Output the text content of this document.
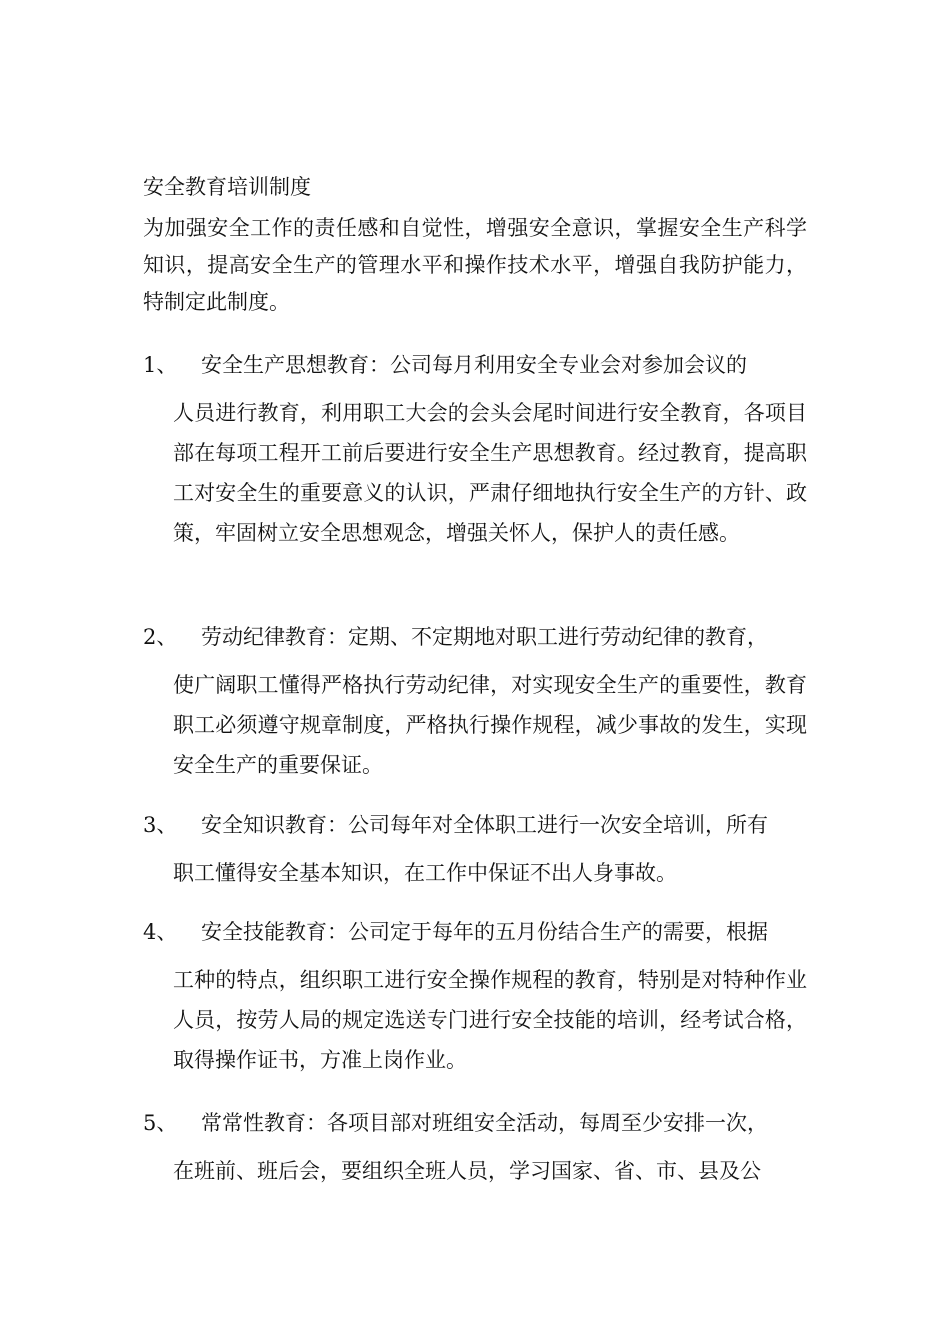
安全教育培训制度

为加强安全工作的责任感和自觉性，增强安全意识，掌握安全生产科学知识，提高安全生产的管理水平和操作技术水平，增强自我防护能力，特制定此制度。

1、	安全生产思想教育：公司每月利用安全专业会对参加会议的
人员进行教育，利用职工大会的会头会尾时间进行安全教育，各项目部在每项工程开工前后要进行安全生产思想教育。经过教育，提高职工对安全生的重要意义的认识，严肃仔细地执行安全生产的方针、政策，牢固树立安全思想观念，增强关怀人，保护人的责任感。

2、	劳动纪律教育：定期、不定期地对职工进行劳动纪律的教育，
使广阔职工懂得严格执行劳动纪律，对实现安全生产的重要性，教育职工必须遵守规章制度，严格执行操作规程，减少事故的发生，实现安全生产的重要保证。

3、	安全知识教育：公司每年对全体职工进行一次安全培训，所有
职工懂得安全基本知识，在工作中保证不出人身事故。

4、	安全技能教育：公司定于每年的五月份结合生产的需要，根据
工种的特点，组织职工进行安全操作规程的教育，特别是对特种作业人员，按劳人局的规定选送专门进行安全技能的培训，经考试合格，取得操作证书，方准上岗作业。

5、	常常性教育：各项目部对班组安全活动，每周至少安排一次，
在班前、班后会，要组织全班人员，学习国家、省、市、县及公
